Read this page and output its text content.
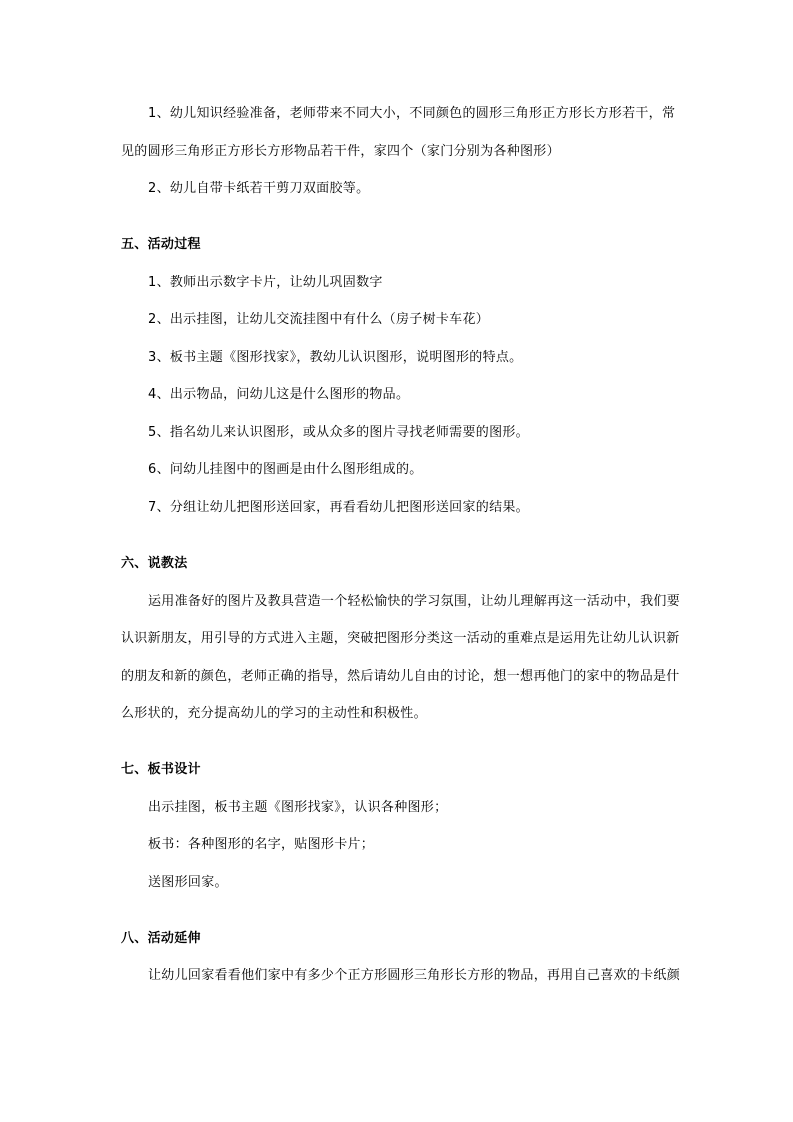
1、幼儿知识经验准备，老师带来不同大小，不同颜色的圆形三角形正方形长方形若干，常
见的圆形三角形正方形长方形物品若干件，家四个（家门分别为各种图形）
2、幼儿自带卡纸若干剪刀双面胶等。
五、活动过程
1、教师出示数字卡片，让幼儿巩固数字
2、出示挂图，让幼儿交流挂图中有什么（房子树卡车花）
3、板书主题《图形找家》，教幼儿认识图形，说明图形的特点。
4、出示物品，问幼儿这是什么图形的物品。
5、指名幼儿来认识图形，或从众多的图片寻找老师需要的图形。
6、问幼儿挂图中的图画是由什么图形组成的。
7、分组让幼儿把图形送回家，再看看幼儿把图形送回家的结果。
六、说教法
运用准备好的图片及教具营造一个轻松愉快的学习氛围，让幼儿理解再这一活动中，我们要
认识新朋友，用引导的方式进入主题，突破把图形分类这一活动的重难点是运用先让幼儿认识新
的朋友和新的颜色，老师正确的指导，然后请幼儿自由的讨论，想一想再他门的家中的物品是什
么形状的，充分提高幼儿的学习的主动性和积极性。
七、板书设计
出示挂图，板书主题《图形找家》，认识各种图形；
板书：各种图形的名字，贴图形卡片；
送图形回家。
八、活动延伸
让幼儿回家看看他们家中有多少个正方形圆形三角形长方形的物品，再用自己喜欢的卡纸颜
